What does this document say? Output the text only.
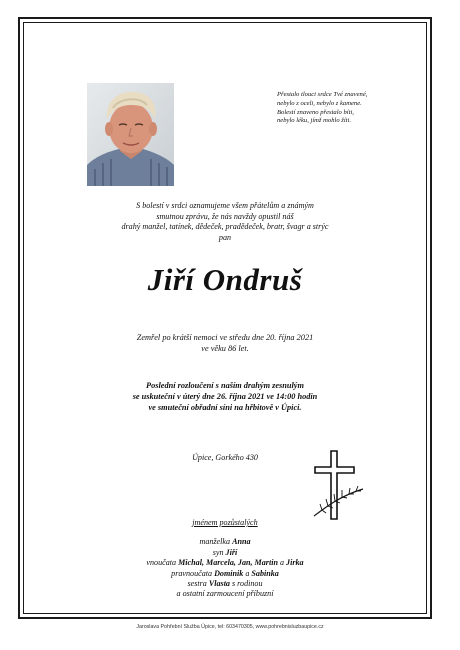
Přestalo tlouci srdce Tvé znavené,
nebylo z oceli, nebylo z kamene.
Bolestí znaveno přestalo bíti,
nebylo léku, jímž mohlo žíti.
S bolestí v srdci oznamujeme všem přátelům a známým
smutnou zprávu, že nás navždy opustil náš
drahý manžel, tatínek, dědeček, pradědeček, bratr, švagr a strýc
pan
Jiří Ondruš
Zemřel po krátší nemoci ve středu dne 20. října 2021
ve věku 86 let.
Poslední rozloučení s naším drahým zesnulým
se uskuteční v úterý dne 26. října 2021 ve 14:00 hodin
ve smuteční obřadní síni na hřbitově v Úpici.
Úpice, Gorkého 430
jménem pozůstalých
manželka Anna
syn Jiří
vnoučata Michal, Marcela, Jan, Martin a Jirka
pravnoučata Dominik a Sabinka
sestra Vlasta s rodinou
a ostatní zarmoucení příbuzní
Jaroslava Pohřební Služba Úpice, tel: 603470305, www.pohrebnisluzbaupice.cz
